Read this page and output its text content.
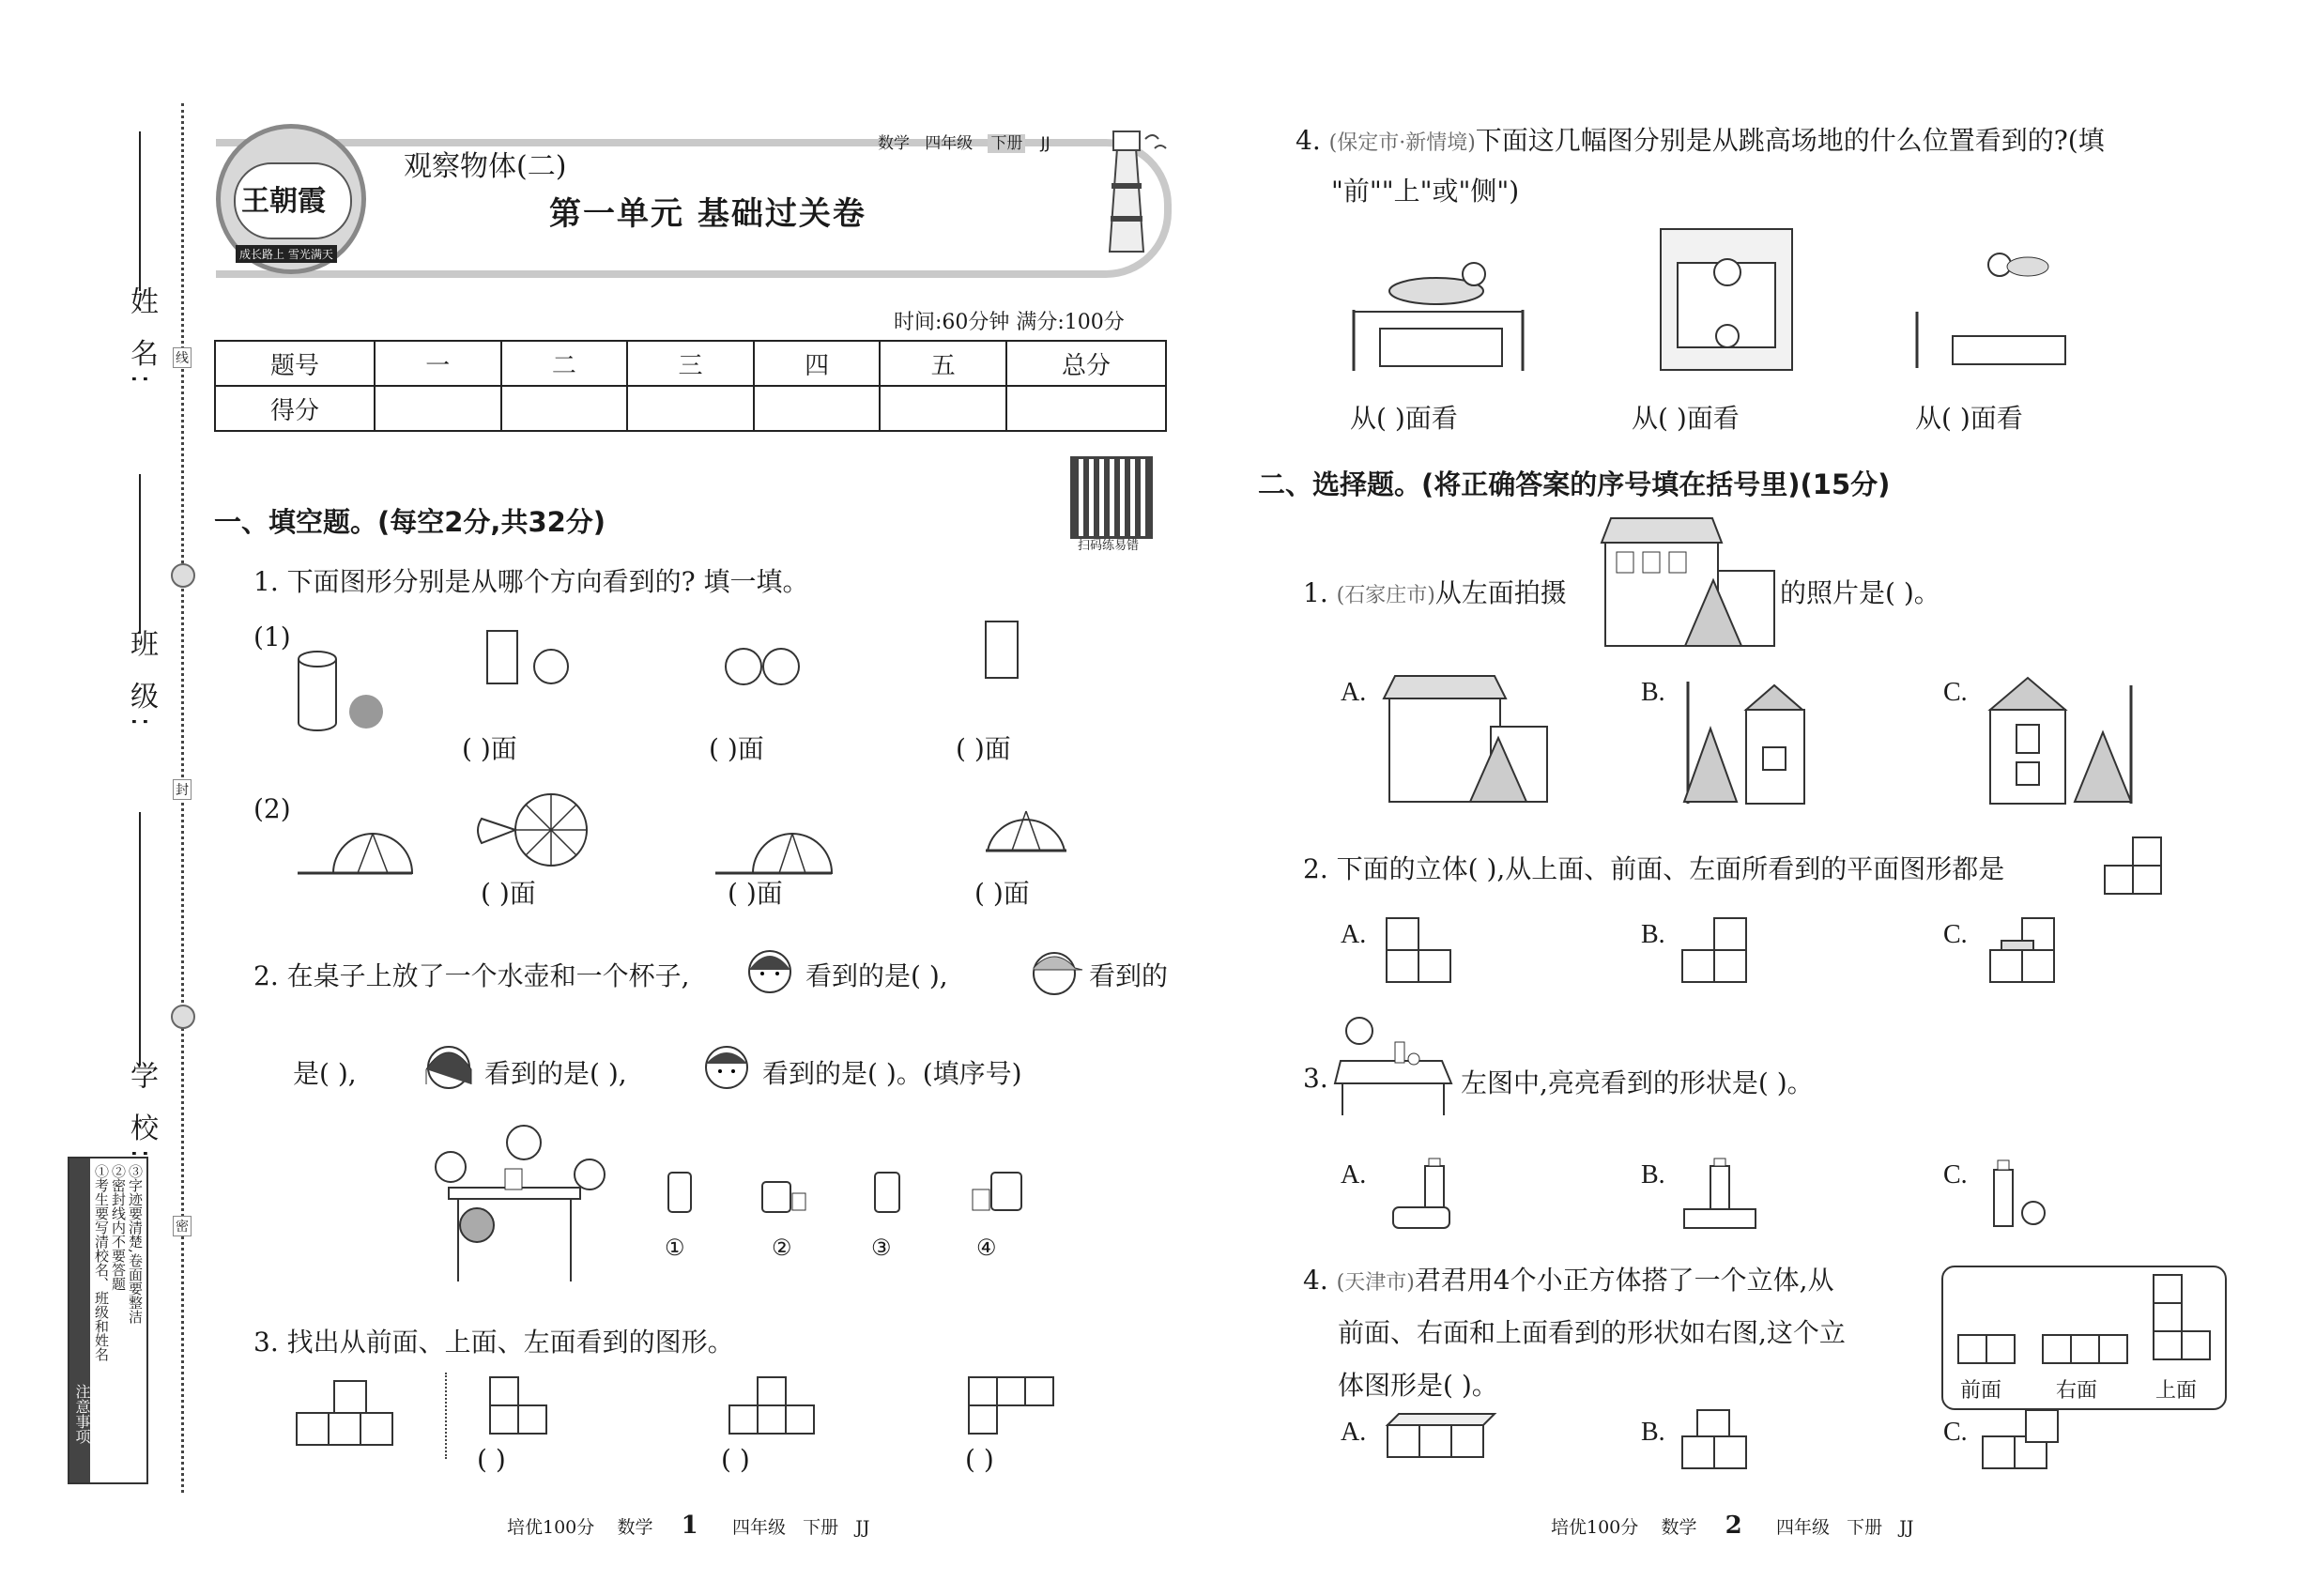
姓 名:
班 级:
学 校:
线
封
密
注意事项
①考生要写清校名、班级和姓名 ②密封线内不要答题 ③字迹要清楚,卷面要整洁
王朝霞
成长路上 雪光满天
观察物体(二)
数学 四年级 下册 JJ
第一单元 基础过关卷
时间:60分钟 满分:100分
题号	一	二	三	四	五	总分
得分						
扫码练易错
一、填空题。(每空2分,共32分)
1. 下面图形分别是从哪个方向看到的? 填一填。
(1)
( )面	( )面	( )面
(2)
( )面	( )面	( )面
2. 在桌子上放了一个水壶和一个杯子,	看到的是( ),	看到的
是( ),	看到的是( ),	看到的是( )。(填序号)
①	②	③	④
3. 找出从前面、上面、左面看到的图形。
( )	( )	( )
培优100分 数学 1 四年级 下册 JJ
4. (保定市·新情境)下面这几幅图分别是从跳高场地的什么位置看到的?(填
"前""上"或"侧")
从( )面看	从( )面看	从( )面看
二、选择题。(将正确答案的序号填在括号里)(15分)
1. (石家庄市)从左面拍摄	的照片是( )。
A.	B.	C.
2. 下面的立体( ),从上面、前面、左面所看到的平面图形都是
A.	B.	C.
3.	左图中,亮亮看到的形状是( )。
A.	B.	C.
4. (天津市)君君用4个小正方体搭了一个立体,从
前面、右面和上面看到的形状如右图,这个立
体图形是( )。	前面	右面	上面
A.	B.	C.
培优100分 数学 2 四年级 下册 JJ
